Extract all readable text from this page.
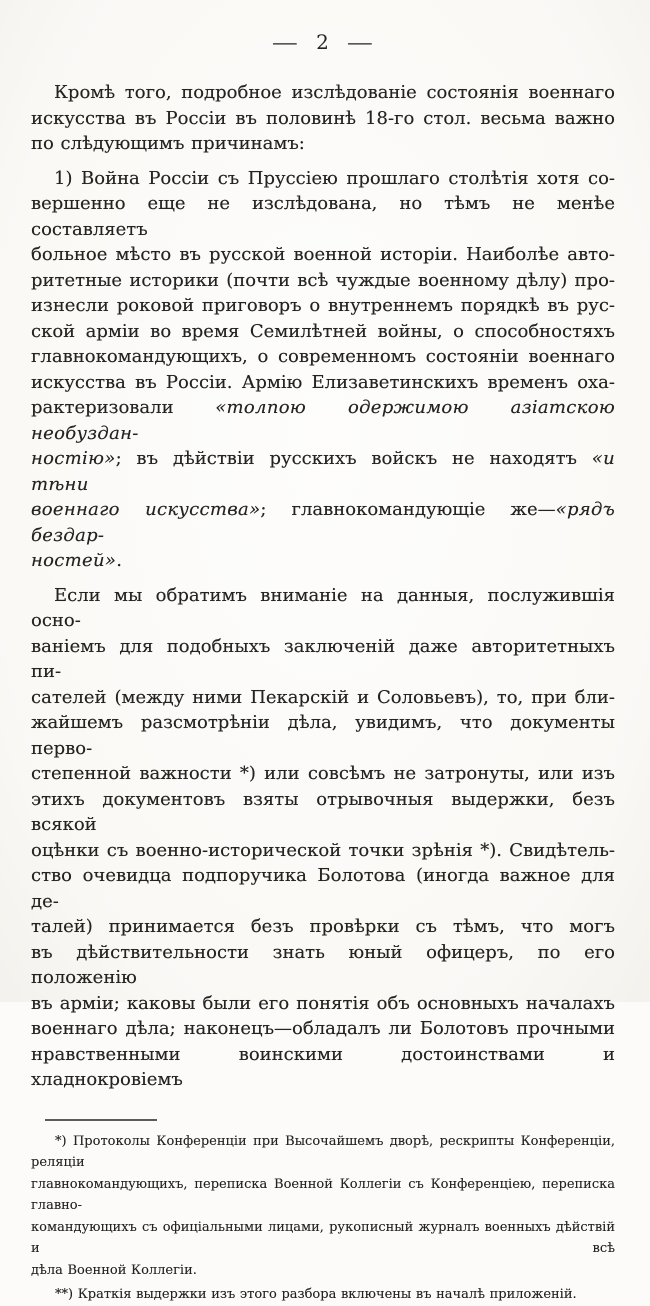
— 2 —
Кромѣ того, подробное изслѣдованіе состоянія военнаго
искусства въ Россіи въ половинѣ 18-го стол. весьма важно
по слѣдующимъ причинамъ:
1) Война Россіи съ Пруссіею прошлаго столѣтія хотя со-
вершенно еще не изслѣдована, но тѣмъ не менѣе составляетъ
больное мѣсто въ русской военной исторіи. Наиболѣе авто-
ритетные историки (почти всѣ чуждые военному дѣлу) про-
изнесли роковой приговоръ о внутреннемъ порядкѣ въ рус-
ской арміи во время Семилѣтней войны, о способностяхъ
главнокомандующихъ, о современномъ состояніи военнаго
искусства въ Россіи. Армію Елизаветинскихъ временъ оха-
рактеризовали «толпою одержимою азіатскою необуздан-
ностію»; въ дѣйствіи русскихъ войскъ не находятъ «и тѣни
военнаго искусства»; главнокомандующіе же—«рядъ бездар-
ностей».
Если мы обратимъ вниманіе на данныя, послужившія осно-
ваніемъ для подобныхъ заключеній даже авторитетныхъ пи-
сателей (между ними Пекарскій и Соловьевъ), то, при бли-
жайшемъ разсмотрѣніи дѣла, увидимъ, что документы перво-
степенной важности *) или совсѣмъ не затронуты, или изъ
этихъ документовъ взяты отрывочныя выдержки, безъ всякой
оцѣнки съ военно-исторической точки зрѣнія *). Свидѣтель-
ство очевидца подпоручика Болотова (иногда важное для де-
талей) принимается безъ провѣрки съ тѣмъ, что могъ
въ дѣйствительности знать юный офицеръ, по его положенію
въ арміи; каковы были его понятія объ основныхъ началахъ
военнаго дѣла; наконецъ—обладалъ ли Болотовъ прочными
нравственными воинскими достоинствами и хладнокровіемъ
*) Протоколы Конференціи при Высочайшемъ дворѣ, рескрипты Конференціи, реляціи
главнокомандующихъ, переписка Военной Коллегіи съ Конференціею, переписка главно-
командующихъ съ офиціальными лицами, рукописный журналъ военныхъ дѣйствій и всѣ
дѣла Военной Коллегіи.
**) Краткія выдержки изъ этого разбора включены въ началѣ приложеній.
